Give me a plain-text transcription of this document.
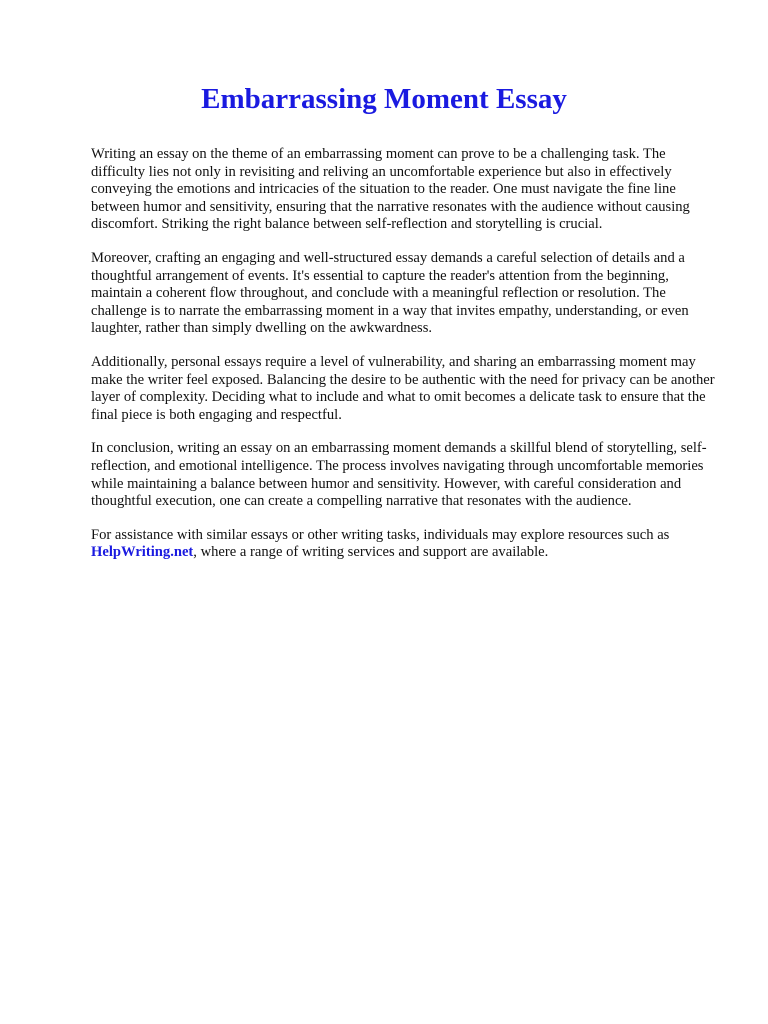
Embarrassing Moment Essay

Writing an essay on the theme of an embarrassing moment can prove to be a challenging task. The difficulty lies not only in revisiting and reliving an uncomfortable experience but also in effectively conveying the emotions and intricacies of the situation to the reader. One must navigate the fine line between humor and sensitivity, ensuring that the narrative resonates with the audience without causing discomfort. Striking the right balance between self-reflection and storytelling is crucial.

Moreover, crafting an engaging and well-structured essay demands a careful selection of details and a thoughtful arrangement of events. It's essential to capture the reader's attention from the beginning, maintain a coherent flow throughout, and conclude with a meaningful reflection or resolution. The challenge is to narrate the embarrassing moment in a way that invites empathy, understanding, or even laughter, rather than simply dwelling on the awkwardness.

Additionally, personal essays require a level of vulnerability, and sharing an embarrassing moment may make the writer feel exposed. Balancing the desire to be authentic with the need for privacy can be another layer of complexity. Deciding what to include and what to omit becomes a delicate task to ensure that the final piece is both engaging and respectful.

In conclusion, writing an essay on an embarrassing moment demands a skillful blend of storytelling, self-reflection, and emotional intelligence. The process involves navigating through uncomfortable memories while maintaining a balance between humor and sensitivity. However, with careful consideration and thoughtful execution, one can create a compelling narrative that resonates with the audience.

For assistance with similar essays or other writing tasks, individuals may explore resources such as HelpWriting.net, where a range of writing services and support are available.
